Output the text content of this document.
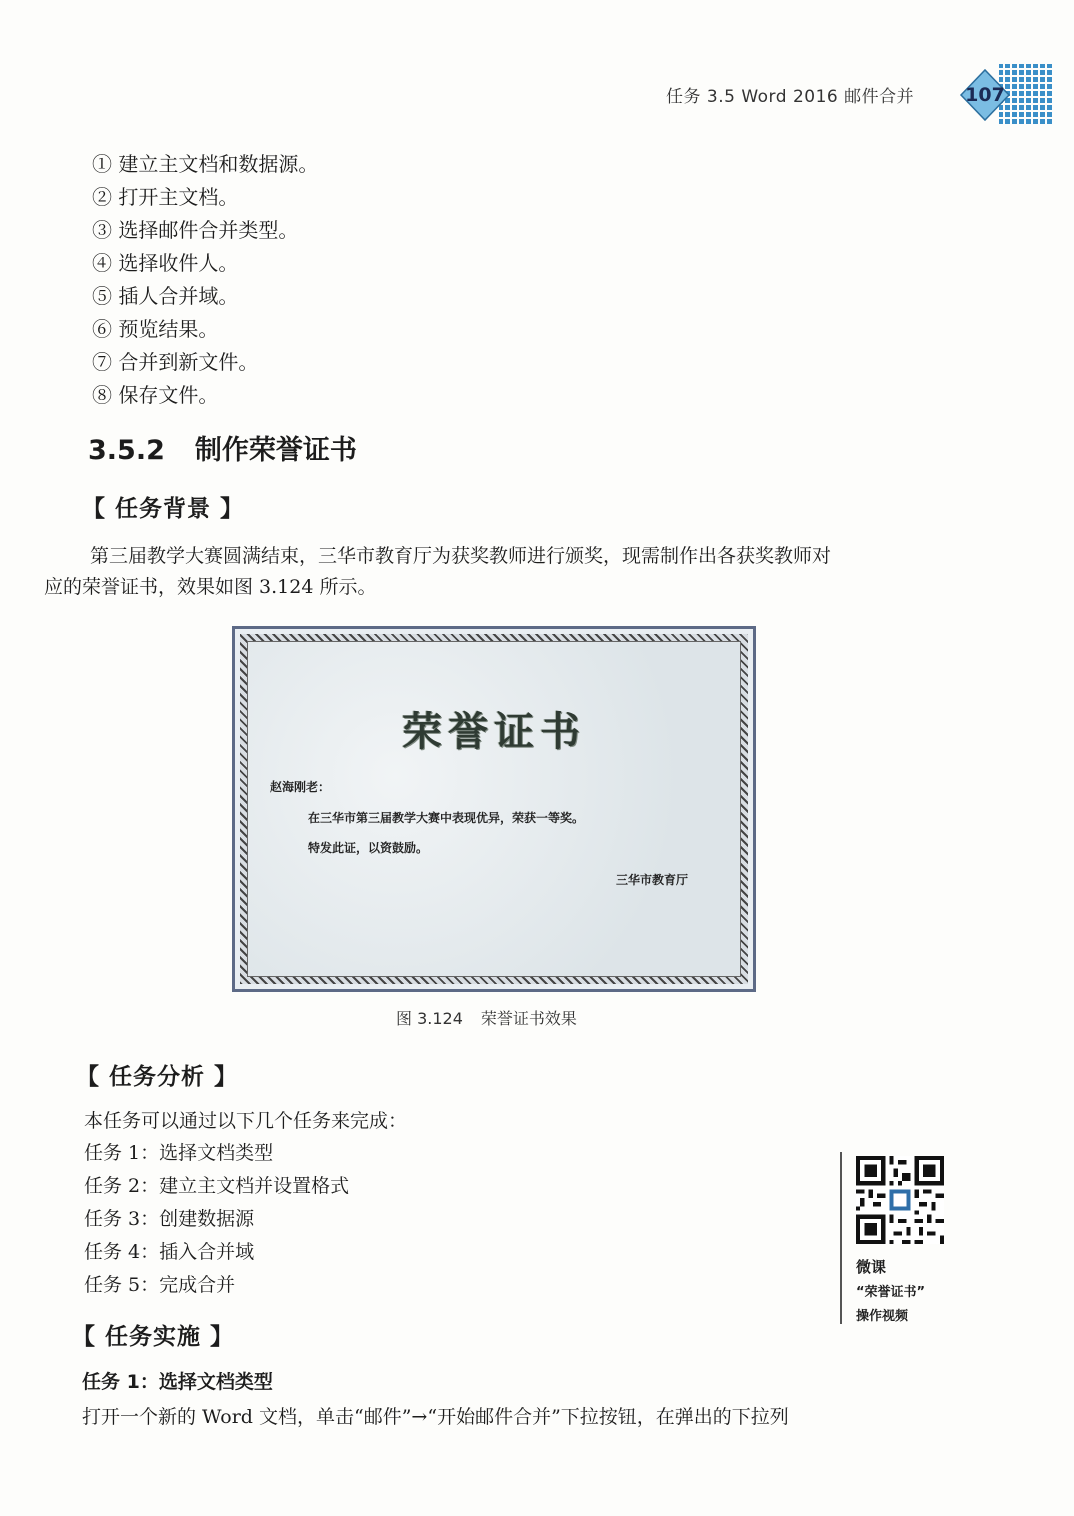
任务 3.5 Word 2016 邮件合并	107
① 建立主文档和数据源。
② 打开主文档。
③ 选择邮件合并类型。
④ 选择收件人。
⑤ 插人合并域。
⑥ 预览结果。
⑦ 合并到新文件。
⑧ 保存文件。
3.5.2 制作荣誉证书
【 任务背景 】
第三届教学大赛圆满结束，三华市教育厅为获奖教师进行颁奖，现需制作出各获奖教师对
应的荣誉证书，效果如图 3.124 所示。
荣誉证书
赵海刚老：
在三华市第三届教学大赛中表现优异，荣获一等奖。
特发此证，以资鼓励。
三华市教育厅
图 3.124 荣誉证书效果
【 任务分析 】
本任务可以通过以下几个任务来完成：
任务 1：选择文档类型
任务 2：建立主文档并设置格式
任务 3：创建数据源
任务 4：插入合并域
任务 5：完成合并
微课
“荣誉证书”
操作视频
【 任务实施 】
任务 1：选择文档类型
打开一个新的 Word 文档，单击“邮件”→“开始邮件合并”下拉按钮，在弹出的下拉列
